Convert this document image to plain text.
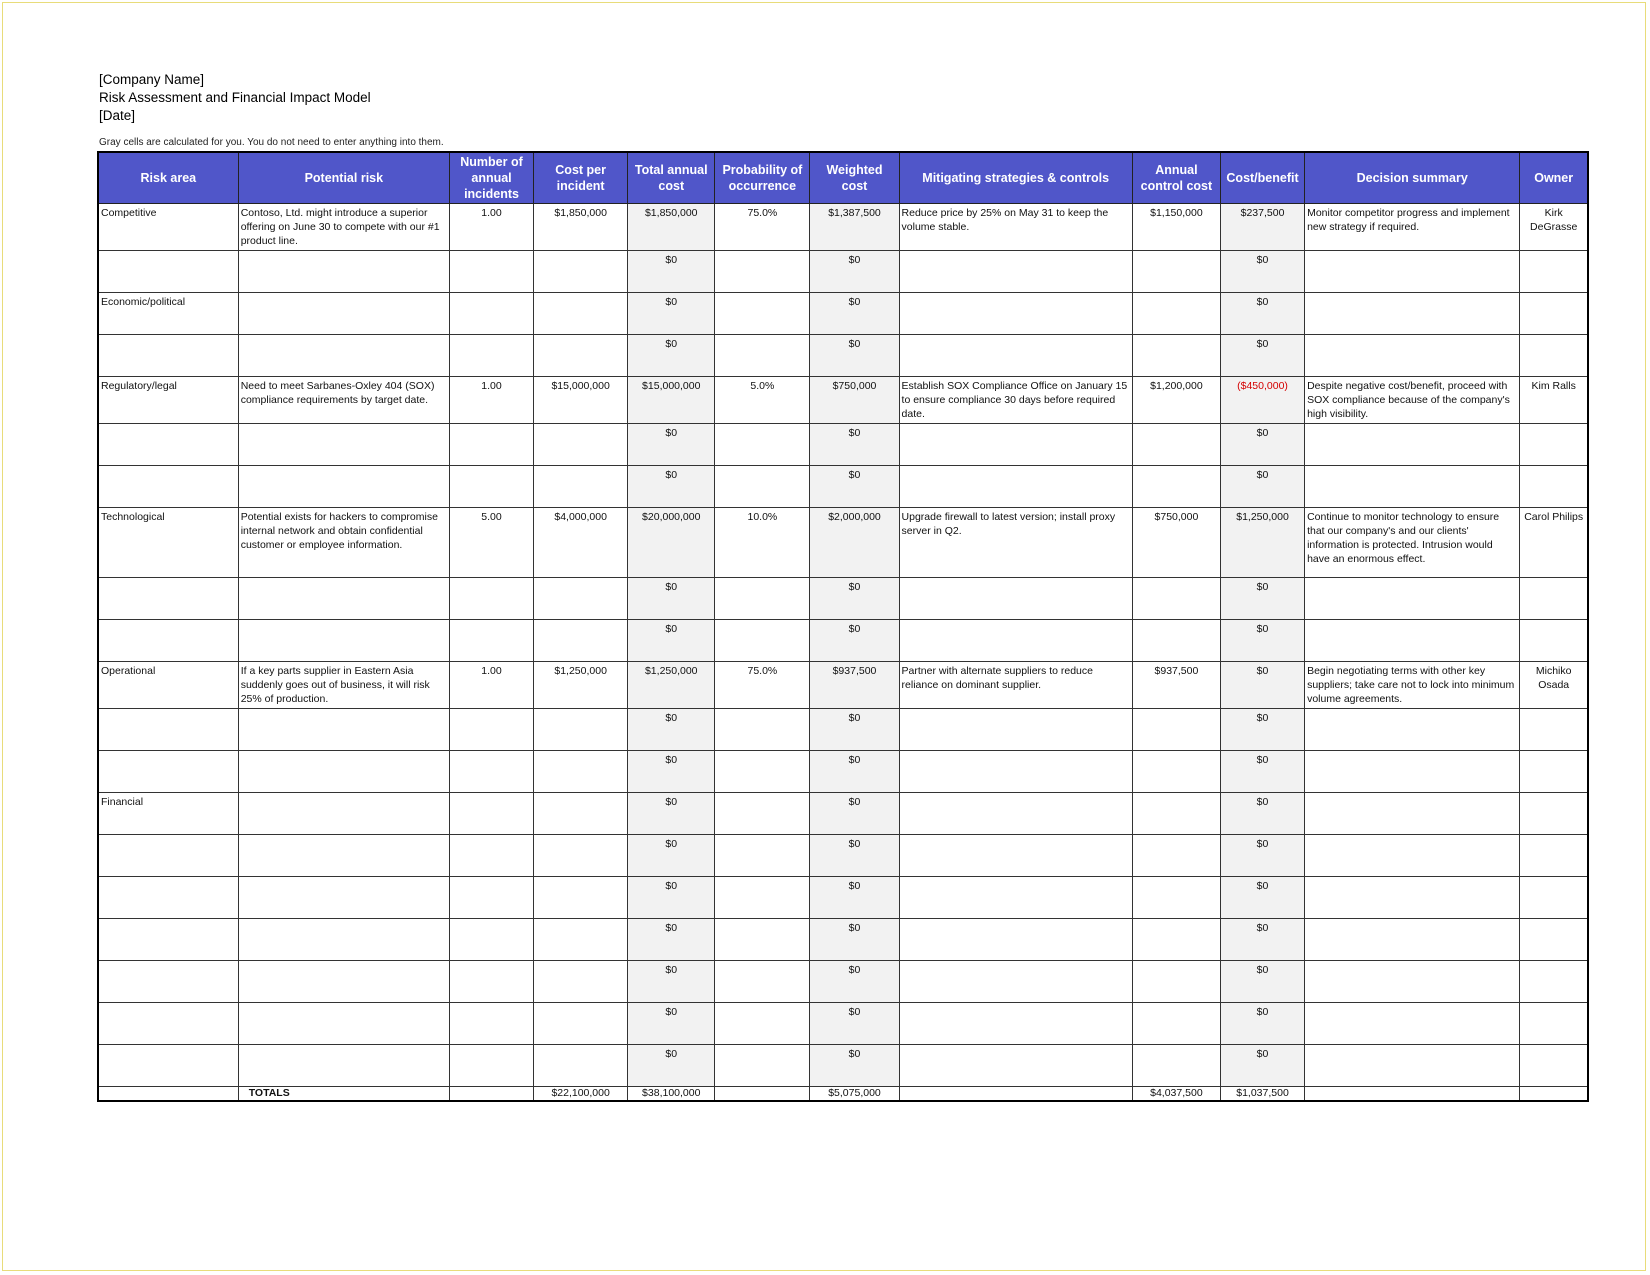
[Company Name]
Risk Assessment and Financial Impact Model
[Date]
Gray cells are calculated for you. You do not need to enter anything into them.
Risk area	Potential risk	Number of annual incidents	Cost per incident	Total annual cost	Probability of occurrence	Weighted cost	Mitigating strategies & controls	Annual control cost	Cost/benefit	Decision summary	Owner
Competitive	Contoso, Ltd. might introduce a superior offering on June 30 to compete with our #1 product line.	1.00	$1,850,000	$1,850,000	75.0%	$1,387,500	Reduce price by 25% on May 31 to keep the volume stable.	$1,150,000	$237,500	Monitor competitor progress and implement new strategy if required.	Kirk DeGrasse
				$0		$0			$0		
Economic/political				$0		$0			$0		
				$0		$0			$0		
Regulatory/legal	Need to meet Sarbanes-Oxley 404 (SOX) compliance requirements by target date.	1.00	$15,000,000	$15,000,000	5.0%	$750,000	Establish SOX Compliance Office on January 15 to ensure compliance 30 days before required date.	$1,200,000	($450,000)	Despite negative cost/benefit, proceed with SOX compliance because of the company's high visibility.	Kim Ralls
				$0		$0			$0		
				$0		$0			$0		
Technological	Potential exists for hackers to compromise internal network and obtain confidential customer or employee information.	5.00	$4,000,000	$20,000,000	10.0%	$2,000,000	Upgrade firewall to latest version; install proxy server in Q2.	$750,000	$1,250,000	Continue to monitor technology to ensure that our company's and our clients' information is protected. Intrusion would have an enormous effect.	Carol Philips
				$0		$0			$0		
				$0		$0			$0		
Operational	If a key parts supplier in Eastern Asia suddenly goes out of business, it will risk 25% of production.	1.00	$1,250,000	$1,250,000	75.0%	$937,500	Partner with alternate suppliers to reduce reliance on dominant supplier.	$937,500	$0	Begin negotiating terms with other key suppliers; take care not to lock into minimum volume agreements.	Michiko Osada
				$0		$0			$0		
				$0		$0			$0		
Financial				$0		$0			$0		
				$0		$0			$0		
				$0		$0			$0		
				$0		$0			$0		
				$0		$0			$0		
				$0		$0			$0		
				$0		$0			$0		
	TOTALS		$22,100,000	$38,100,000		$5,075,000		$4,037,500	$1,037,500		
